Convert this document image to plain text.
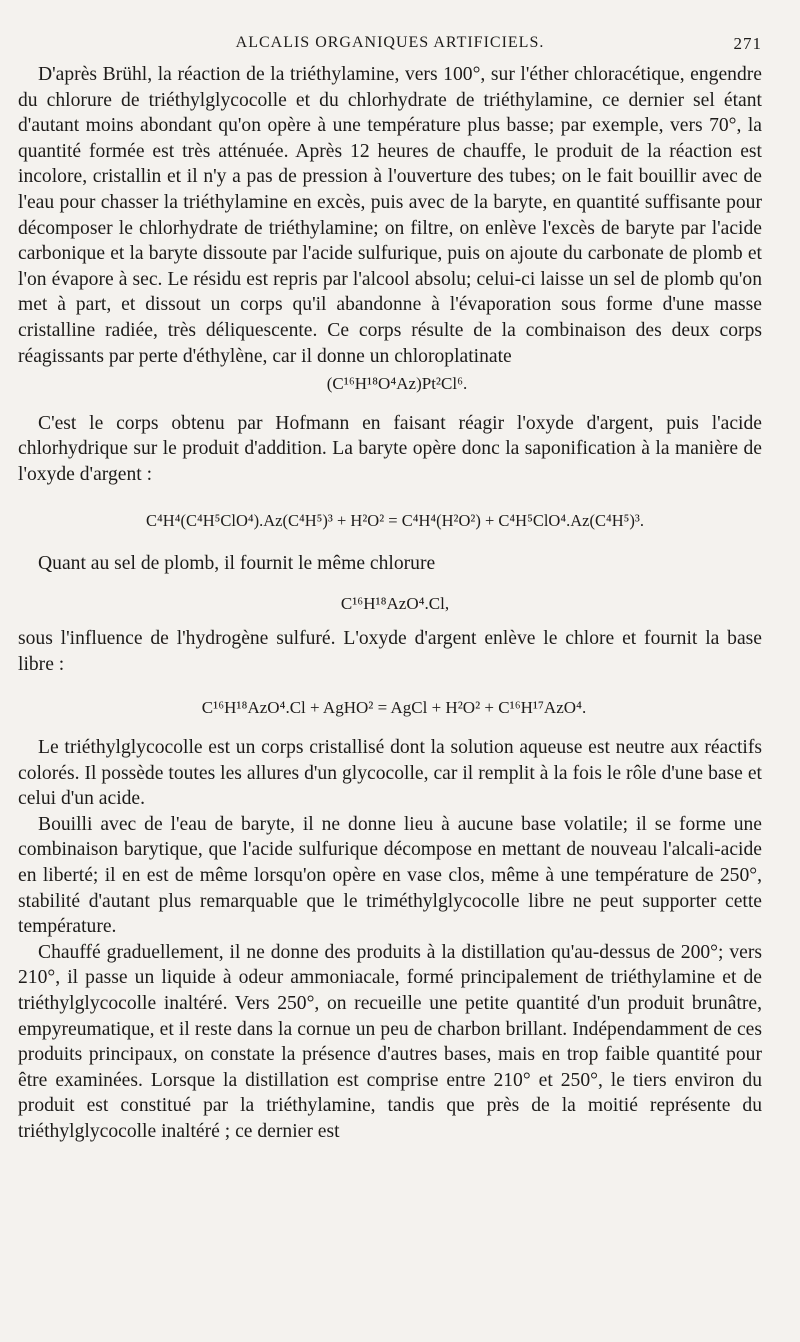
ALCALIS ORGANIQUES ARTIFICIELS.	271

D'après Brühl, la réaction de la triéthylamine, vers 100°, sur l'éther chloracétique, engendre du chlorure de triéthylglycocolle et du chlorhydrate de triéthylamine, ce dernier sel étant d'autant moins abondant qu'on opère à une température plus basse; par exemple, vers 70°, la quantité formée est très atténuée. Après 12 heures de chauffe, le produit de la réaction est incolore, cristallin et il n'y a pas de pression à l'ouverture des tubes; on le fait bouillir avec de l'eau pour chasser la triéthylamine en excès, puis avec de la baryte, en quantité suffisante pour décomposer le chlorhydrate de triéthylamine; on filtre, on enlève l'excès de baryte par l'acide carbonique et la baryte dissoute par l'acide sulfurique, puis on ajoute du carbonate de plomb et l'on évapore à sec. Le résidu est repris par l'alcool absolu; celui-ci laisse un sel de plomb qu'on met à part, et dissout un corps qu'il abandonne à l'évaporation sous forme d'une masse cristalline radiée, très déliquescente. Ce corps résulte de la combinaison des deux corps réagissants par perte d'éthylène, car il donne un chloroplatinate

(C¹⁶H¹⁸O⁴Az)Pt²Cl⁶.

C'est le corps obtenu par Hofmann en faisant réagir l'oxyde d'argent, puis l'acide chlorhydrique sur le produit d'addition. La baryte opère donc la saponification à la manière de l'oxyde d'argent :

C⁴H⁴(C⁴H⁵ClO⁴).Az(C⁴H⁵)³ + H²O² = C⁴H⁴(H²O²) + C⁴H⁵ClO⁴.Az(C⁴H⁵)³.

Quant au sel de plomb, il fournit le même chlorure

C¹⁶H¹⁸AzO⁴.Cl,

sous l'influence de l'hydrogène sulfuré. L'oxyde d'argent enlève le chlore et fournit la base libre :

C¹⁶H¹⁸AzO⁴.Cl + AgHO² = AgCl + H²O² + C¹⁶H¹⁷AzO⁴.

Le triéthylglycocolle est un corps cristallisé dont la solution aqueuse est neutre aux réactifs colorés. Il possède toutes les allures d'un glycocolle, car il remplit à la fois le rôle d'une base et celui d'un acide.

Bouilli avec de l'eau de baryte, il ne donne lieu à aucune base volatile; il se forme une combinaison barytique, que l'acide sulfurique décompose en mettant de nouveau l'alcali-acide en liberté; il en est de même lorsqu'on opère en vase clos, même à une température de 250°, stabilité d'autant plus remarquable que le triméthylglycocolle libre ne peut supporter cette température.

Chauffé graduellement, il ne donne des produits à la distillation qu'au-dessus de 200°; vers 210°, il passe un liquide à odeur ammoniacale, formé principalement de triéthylamine et de triéthylglycocolle inaltéré. Vers 250°, on recueille une petite quantité d'un produit brunâtre, empyreumatique, et il reste dans la cornue un peu de charbon brillant. Indépendamment de ces produits principaux, on constate la présence d'autres bases, mais en trop faible quantité pour être examinées. Lorsque la distillation est comprise entre 210° et 250°, le tiers environ du produit est constitué par la triéthylamine, tandis que près de la moitié représente du triéthylglycocolle inaltéré ; ce dernier est
